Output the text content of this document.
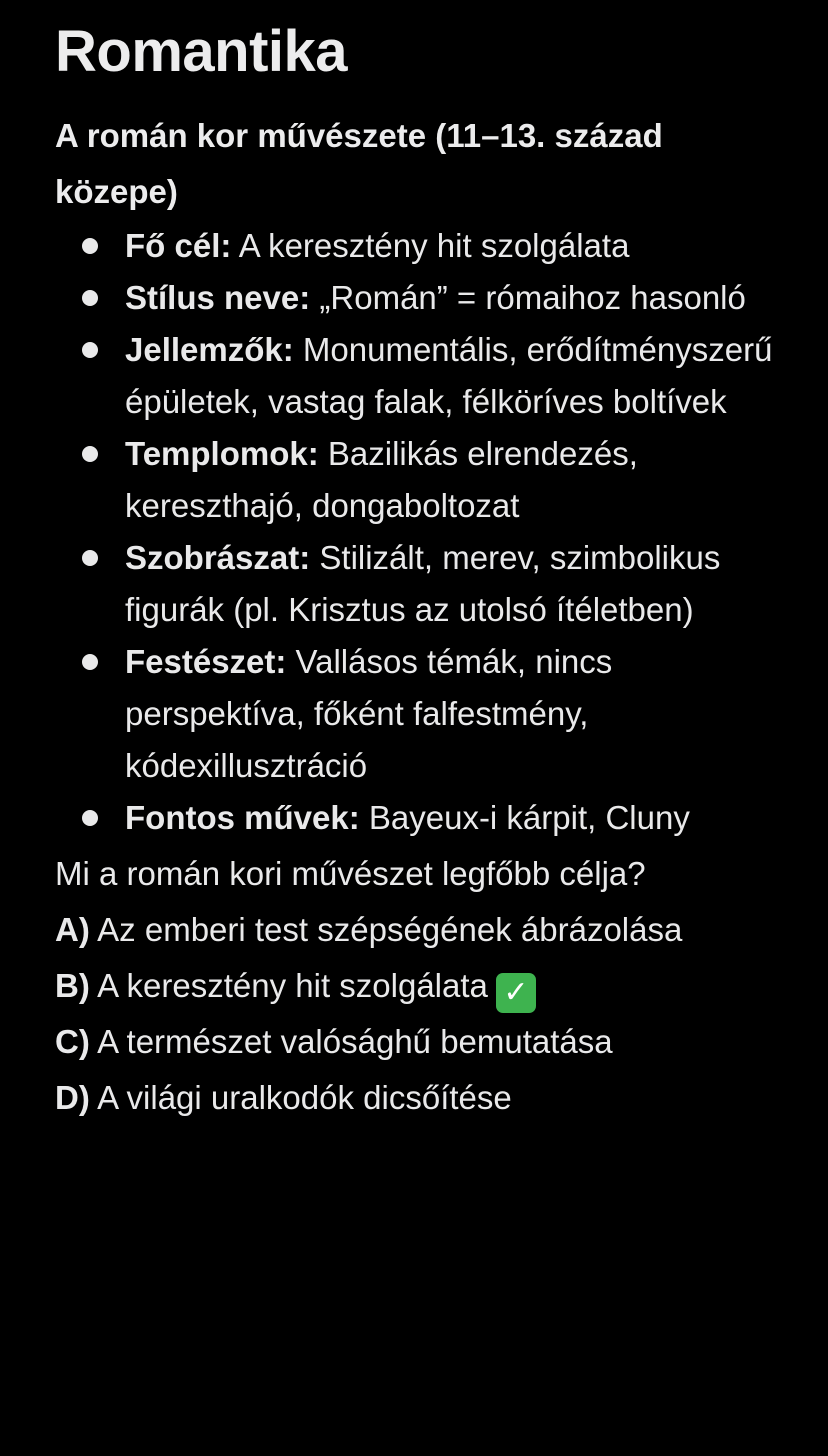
Romantika
A román kor művészete (11–13. század közepe)
Fő cél: A keresztény hit szolgálata
Stílus neve: „Román” = rómaihoz hasonló
Jellemzők: Monumentális, erődítményszerű épületek, vastag falak, félköríves boltívek
Templomok: Bazilikás elrendezés, kereszthajó, dongaboltozat
Szobrászat: Stilizált, merev, szimbolikus figurák (pl. Krisztus az utolsó ítéletben)
Festészet: Vallásos témák, nincs perspektíva, főként falfestmény, kódexillusztráció
Fontos művek: Bayeux-i kárpit, Cluny
Mi a román kori művészet legfőbb célja?
A) Az emberi test szépségének ábrázolása
B) A keresztény hit szolgálata ✓
C) A természet valósághű bemutatása
D) A világi uralkodók dicsőítése
